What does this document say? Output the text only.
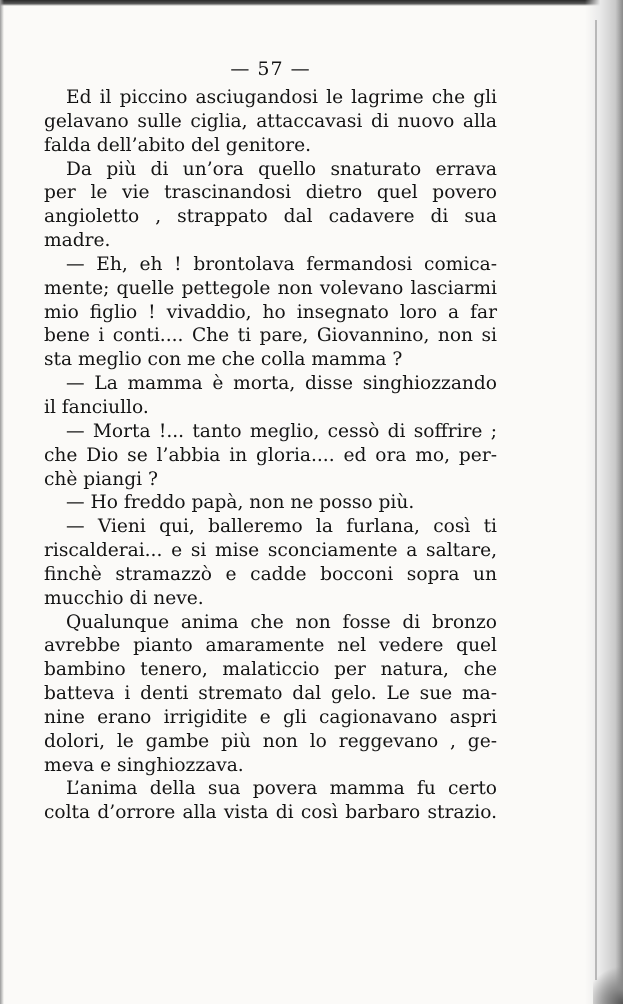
— 57 —
Ed il piccino asciugandosi le lagrime che gli
gelavano sulle ciglia, attaccavasi di nuovo alla
falda dell’abito del genitore.
Da più di un’ora quello snaturato errava
per le vie trascinandosi dietro quel povero
angioletto , strappato dal cadavere di sua
madre.
— Eh, eh ! brontolava fermandosi comica-
mente; quelle pettegole non volevano lasciarmi
mio figlio ! vivaddio, ho insegnato loro a far
bene i conti.... Che ti pare, Giovannino, non si
sta meglio con me che colla mamma ?
— La mamma è morta, disse singhiozzando
il fanciullo.
— Morta !... tanto meglio, cessò di soffrire ;
che Dio se l’abbia in gloria.... ed ora mo, per-
chè piangi ?
— Ho freddo papà, non ne posso più.
— Vieni qui, balleremo la furlana, così ti
riscalderai... e si mise sconciamente a saltare,
finchè stramazzò e cadde bocconi sopra un
mucchio di neve.
Qualunque anima che non fosse di bronzo
avrebbe pianto amaramente nel vedere quel
bambino tenero, malaticcio per natura, che
batteva i denti stremato dal gelo. Le sue ma-
nine erano irrigidite e gli cagionavano aspri
dolori, le gambe più non lo reggevano , ge-
meva e singhiozzava.
L’anima della sua povera mamma fu certo
colta d’orrore alla vista di così barbaro strazio.
